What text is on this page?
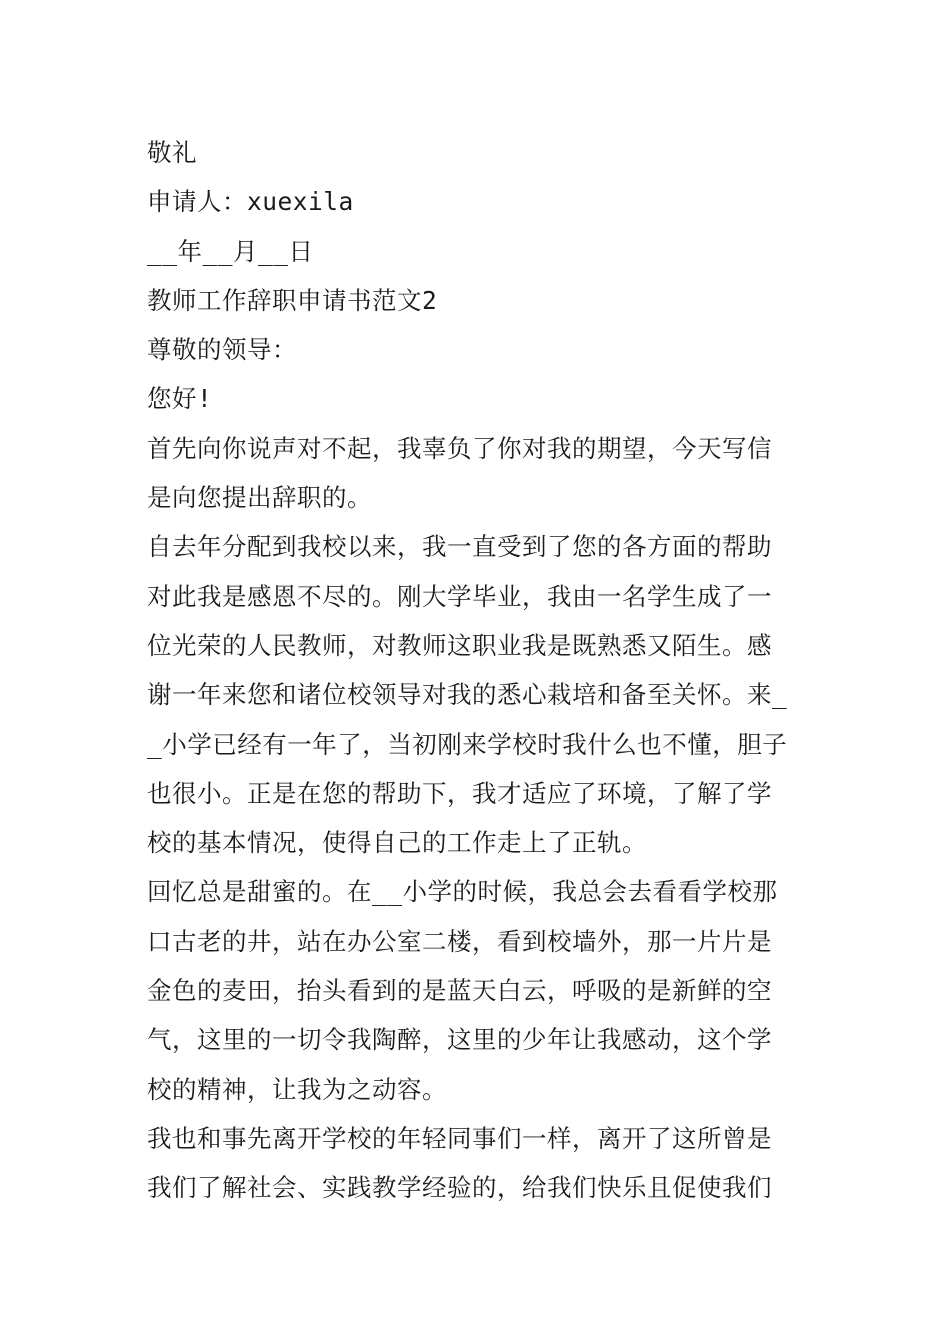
敬礼
申请人：xuexila
__年__月__日
教师工作辞职申请书范文2
尊敬的领导：
您好!
首先向你说声对不起，我辜负了你对我的期望，今天写信
是向您提出辞职的。
自去年分配到我校以来，我一直受到了您的各方面的帮助
对此我是感恩不尽的。刚大学毕业，我由一名学生成了一
位光荣的人民教师，对教师这职业我是既熟悉又陌生。感
谢一年来您和诸位校领导对我的悉心栽培和备至关怀。来_
_小学已经有一年了，当初刚来学校时我什么也不懂，胆子
也很小。正是在您的帮助下，我才适应了环境，了解了学
校的基本情况，使得自己的工作走上了正轨。
回忆总是甜蜜的。在__小学的时候，我总会去看看学校那
口古老的井，站在办公室二楼，看到校墙外，那一片片是
金色的麦田，抬头看到的是蓝天白云，呼吸的是新鲜的空
气，这里的一切令我陶醉，这里的少年让我感动，这个学
校的精神，让我为之动容。
我也和事先离开学校的年轻同事们一样，离开了这所曾是
我们了解社会、实践教学经验的，给我们快乐且促使我们
